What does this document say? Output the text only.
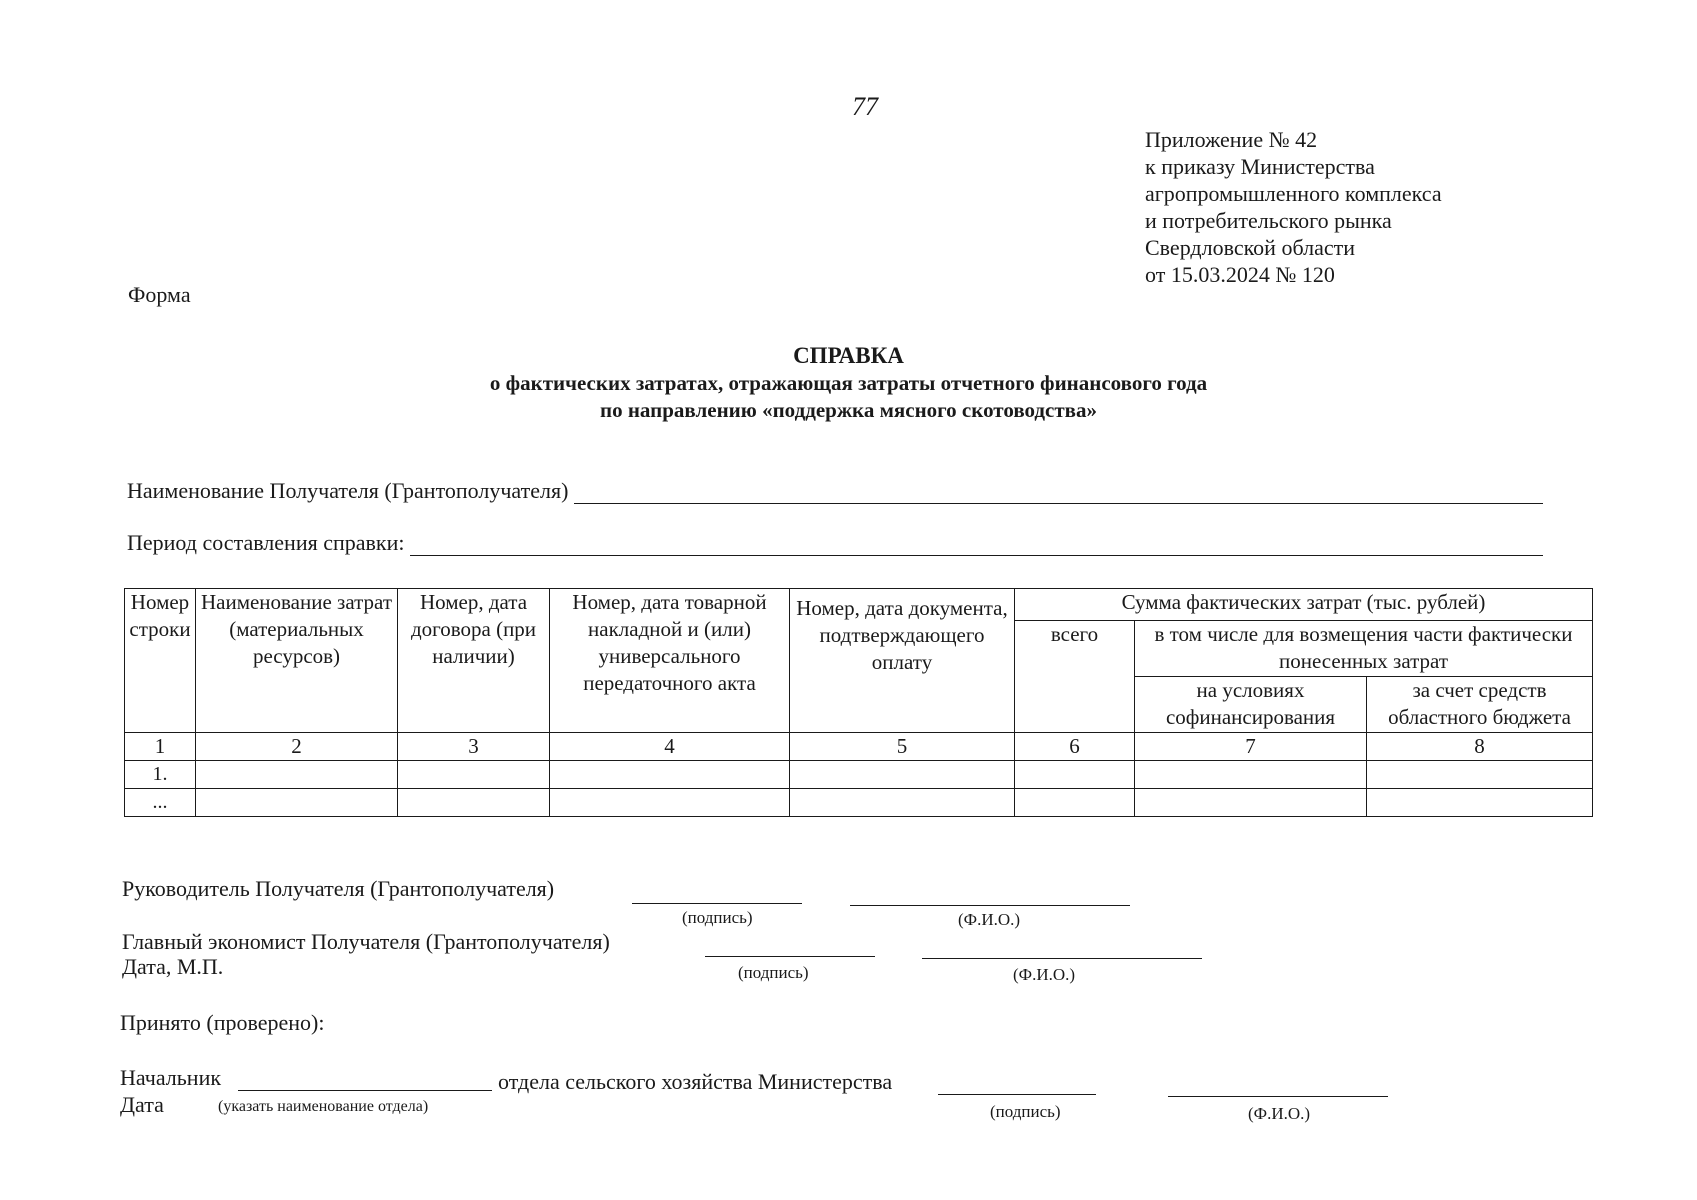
77
Приложение № 42
к приказу Министерства
агропромышленного комплекса
и потребительского рынка
Свердловской области
от 15.03.2024 № 120
Форма
СПРАВКА
о фактических затратах, отражающая затраты отчетного финансового года
по направлению «поддержка мясного скотоводства»
Наименование Получателя (Грантополучателя)
Период составления справки:
Номер строки	Наименование затрат (материальных ресурсов)	Номер, дата договора (при наличии)	Номер, дата товарной накладной и (или) универсального передаточного акта	Номер, дата документа, подтверждающего оплату	Сумма фактических затрат (тыс. рублей)		
					всего	в том числе для возмещения части фактически понесенных затрат	
						на условиях софинансирования	за счет средств областного бюджета
1	2	3	4	5	6	7	8
1.							
...							
Руководитель Получателя (Грантополучателя)
(подпись)	(Ф.И.О.)
Главный экономист Получателя (Грантополучателя)
Дата, М.П.	(подпись)	(Ф.И.О.)
Принято (проверено):
Начальник	отдела сельского хозяйства Министерства
Дата	(указать наименование отдела)	(подпись)	(Ф.И.О.)
